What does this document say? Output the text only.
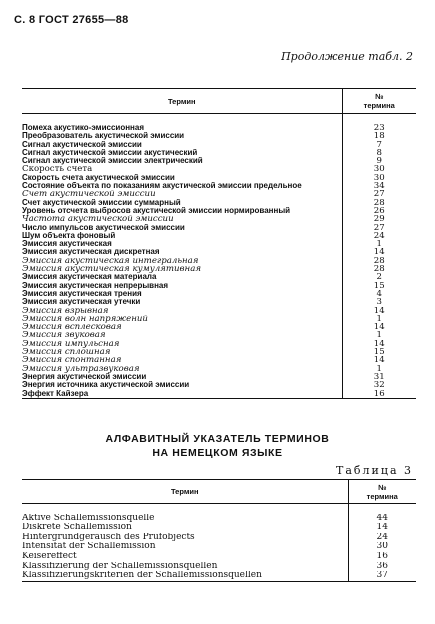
С. 8 ГОСТ 27655—88
Продолжение табл. 2
Термин	№ термина

Помеха акустико-эмиссионная	23
Преобразователь акустической эмиссии	18
Сигнал акустической эмиссии	7
Сигнал акустической эмиссии акустический	8
Сигнал акустической эмиссии электрический	9
Скорость счета	30
Скорость счета акустической эмиссии	30
Состояние объекта по показаниям акустической эмиссии предельное	34
Счет акустической эмиссии	27
Счет акустической эмиссии суммарный	28
Уровень отсчета выбросов акустической эмиссии нормированный	26
Частота акустической эмиссии	29
Число импульсов акустической эмиссии	27
Шум объекта фоновый	24
Эмиссия акустическая	1
Эмиссия акустическая дискретная	14
Эмиссия акустическая интегральная	28
Эмиссия акустическая кумулятивная	28
Эмиссия акустическая материала	2
Эмиссия акустическая непрерывная	15
Эмиссия акустическая трения	4
Эмиссия акустическая утечки	3
Эмиссия взрывная	14
Эмиссия волн напряжений	1
Эмиссия всплесковая	14
Эмиссия звуковая	1
Эмиссия импульсная	14
Эмиссия сплошная	15
Эмиссия спонтанная	14
Эмиссия ультразвуковая	1
Энергия акустической эмиссии	31
Энергия источника акустической эмиссии	32
Эффект Кайзера	16
АЛФАВИТНЫЙ УКАЗАТЕЛЬ ТЕРМИНОВ
НА НЕМЕЦКОМ ЯЗЫКЕ
Таблица 3
Термин	№ термина

Aktive Schallemissionsquelle	44
Diskrete Schallemission	14
Hintergrundgeräusch des Prüfobjects	24
Intensität der Schallemission	30
Keisereffect	16
Klassifizierung der Schallemissionsquellen	36
Klassifizierungskriterien der Schallemissionsquellen	37
